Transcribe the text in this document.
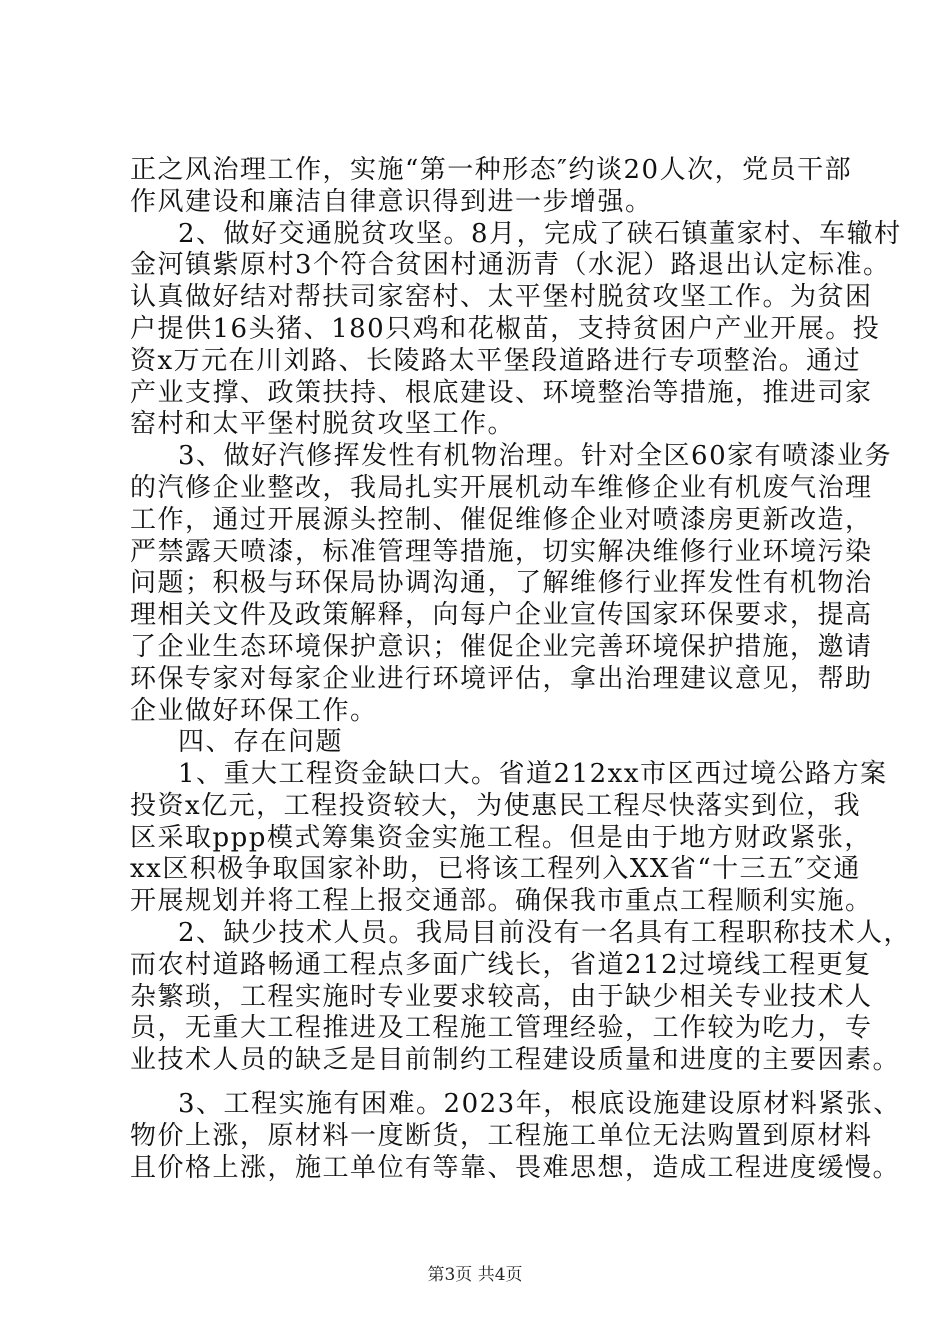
正之风治理工作，实施“第一种形态″约谈20人次，党员干部
作风建设和廉洁自律意识得到进一步增强。
2、做好交通脱贫攻坚。8月，完成了硖石镇董家村、车辙村
金河镇紫原村3个符合贫困村通沥青（水泥）路退出认定标准。
认真做好结对帮扶司家窑村、太平堡村脱贫攻坚工作。为贫困
户提供16头猪、180只鸡和花椒苗，支持贫困户产业开展。投
资x万元在川刘路、长陵路太平堡段道路进行专项整治。通过
产业支撑、政策扶持、根底建设、环境整治等措施，推进司家
窑村和太平堡村脱贫攻坚工作。
3、做好汽修挥发性有机物治理。针对全区60家有喷漆业务
的汽修企业整改，我局扎实开展机动车维修企业有机废气治理
工作，通过开展源头控制、催促维修企业对喷漆房更新改造，
严禁露天喷漆，标准管理等措施，切实解决维修行业环境污染
问题；积极与环保局协调沟通，了解维修行业挥发性有机物治
理相关文件及政策解释，向每户企业宣传国家环保要求，提高
了企业生态环境保护意识；催促企业完善环境保护措施，邀请
环保专家对每家企业进行环境评估，拿出治理建议意见，帮助
企业做好环保工作。
四、存在问题
1、重大工程资金缺口大。省道212xx市区西过境公路方案
投资x亿元，工程投资较大，为使惠民工程尽快落实到位，我
区采取ppp模式筹集资金实施工程。但是由于地方财政紧张，
xx区积极争取国家补助，已将该工程列入XX省“十三五″交通
开展规划并将工程上报交通部。确保我市重点工程顺利实施。
2、缺少技术人员。我局目前没有一名具有工程职称技术人，
而农村道路畅通工程点多面广线长，省道212过境线工程更复
杂繁琐，工程实施时专业要求较高，由于缺少相关专业技术人
员，无重大工程推进及工程施工管理经验，工作较为吃力，专
业技术人员的缺乏是目前制约工程建设质量和进度的主要因素。
3、工程实施有困难。2023年，根底设施建设原材料紧张、
物价上涨，原材料一度断货，工程施工单位无法购置到原材料
且价格上涨，施工单位有等靠、畏难思想，造成工程进度缓慢。
第3页 共4页
